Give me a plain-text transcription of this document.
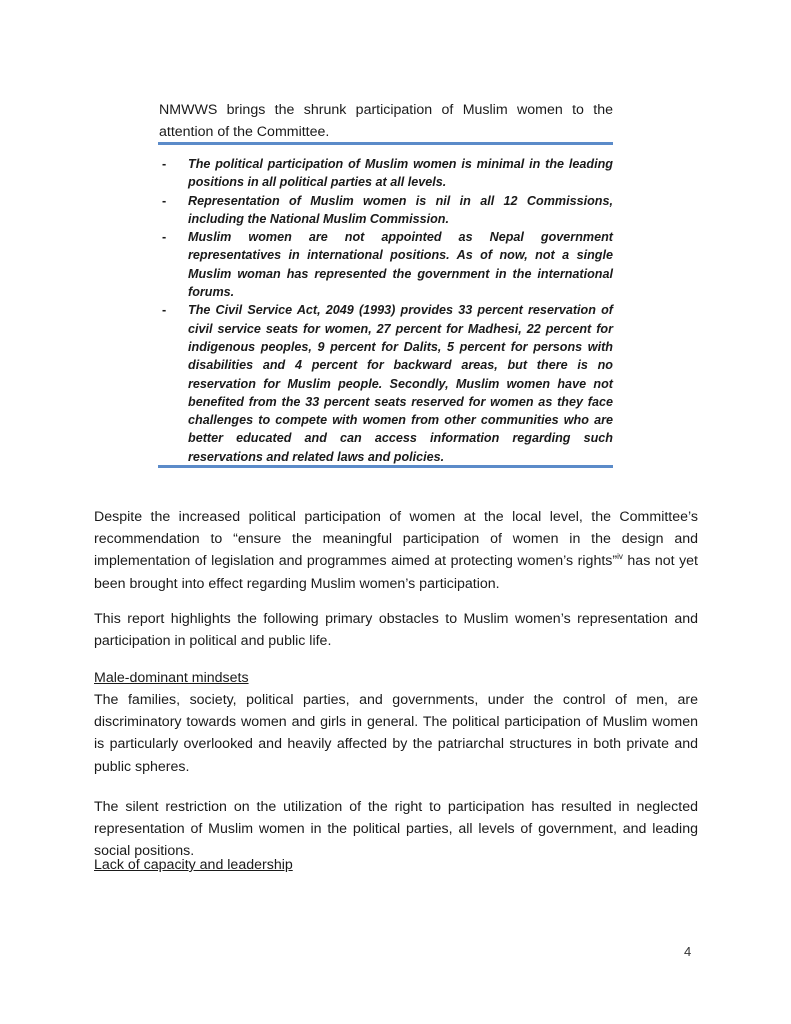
NMWWS brings the shrunk participation of Muslim women to the attention of the Committee.

- The political participation of Muslim women is minimal in the leading positions in all political parties at all levels.
- Representation of Muslim women is nil in all 12 Commissions, including the National Muslim Commission.
- Muslim women are not appointed as Nepal government representatives in international positions. As of now, not a single Muslim woman has represented the government in the international forums.
- The Civil Service Act, 2049 (1993) provides 33 percent reservation of civil service seats for women, 27 percent for Madhesi, 22 percent for indigenous peoples, 9 percent for Dalits, 5 percent for persons with disabilities and 4 percent for backward areas, but there is no reservation for Muslim people. Secondly, Muslim women have not benefited from the 33 percent seats reserved for women as they face challenges to compete with women from other communities who are better educated and can access information regarding such reservations and related laws and policies.

Despite the increased political participation of women at the local level, the Committee’s recommendation to “ensure the meaningful participation of women in the design and implementation of legislation and programmes aimed at protecting women’s rights”$^{iv}$ has not yet been brought into effect regarding Muslim women’s participation.

This report highlights the following primary obstacles to Muslim women’s representation and participation in political and public life.

Male-dominant mindsets

The families, society, political parties, and governments, under the control of men, are discriminatory towards women and girls in general. The political participation of Muslim women is particularly overlooked and heavily affected by the patriarchal structures in both private and public spheres.

The silent restriction on the utilization of the right to participation has resulted in neglected representation of Muslim women in the political parties, all levels of government, and leading social positions.

Lack of capacity and leadership

4
